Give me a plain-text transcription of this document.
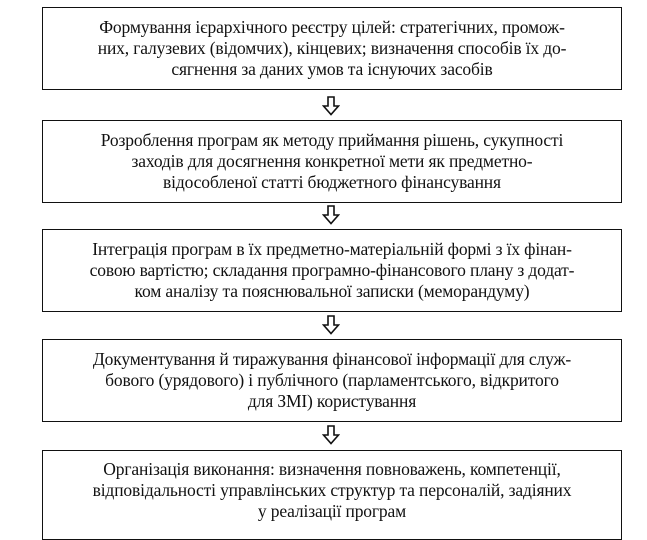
Формування ієрархічного реєстру цілей: стратегічних, промож-
них, галузевих (відомчих), кінцевих; визначення способів їх до-
сягнення за даних умов та існуючих засобів
Розроблення програм як методу приймання рішень, сукупності
заходів для досягнення конкретної мети як предметно-
відособленої статті бюджетного фінансування
Інтеграція програм в їх предметно-матеріальній формі з їх фінан-
совою вартістю; складання програмно-фінансового плану з додат-
ком аналізу та пояснювальної записки (меморандуму)
Документування й тиражування фінансової інформації для служ-
бового (урядового) і публічного (парламентського, відкритого
для ЗМІ) користування
Організація виконання: визначення повноважень, компетенції,
відповідальності управлінських структур та персоналій, задіяних
у реалізації програм
